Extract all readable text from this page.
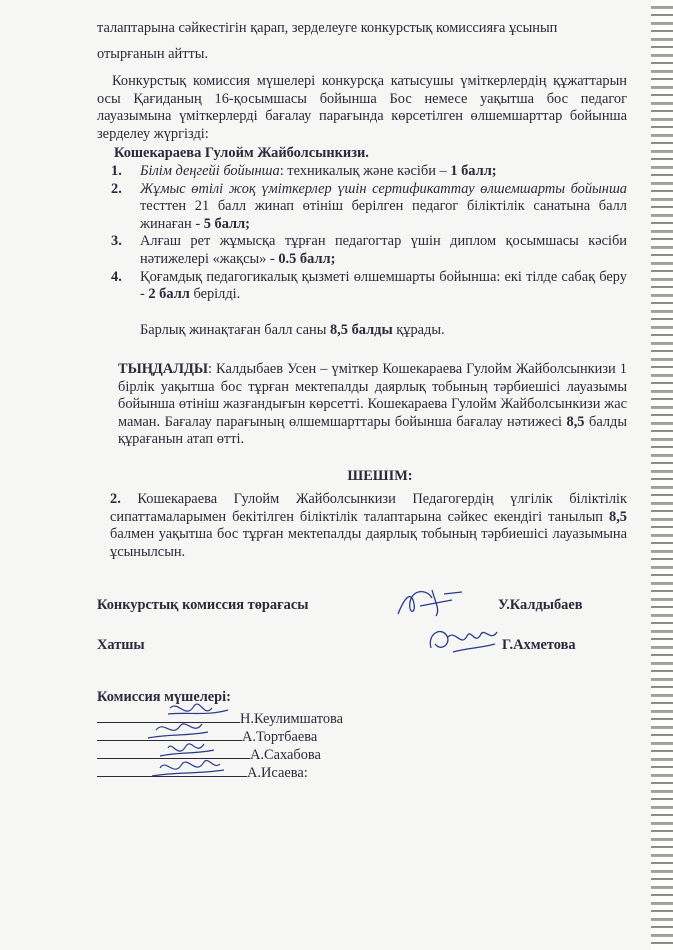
талаптарына сәйкестігін қарап, зерделеуге конкурстық комиссияға ұсынып
отырғанын айтты.
Конкурстық комиссия мүшелері конкурсқа катысушы үміткерлердің құжаттарын осы Қағиданың 16-қосымшасы бойынша Бос немесе уақытша бос педагог лауазымына үміткерлерді бағалау парағында көрсетілген өлшемшарттар бойынша зерделеу жүргізді:
Кошекараева Гулойм Жайболсынкизи.
1. Білім деңгейі бойынша: техникалық және кәсіби – 1 балл;
2. Жұмыс өтілі жоқ үміткерлер үшін сертификаттау өлшемшарты бойынша тесттен 21 балл жинап өтініш берілген педагог біліктілік санатына балл жинаған - 5 балл;
3. Алғаш рет жұмысқа тұрған педагогтар үшін диплом қосымшасы кәсіби нәтижелері «жақсы» - 0.5 балл;
4. Қоғамдық педагогикалық қызметі өлшемшарты бойынша: екі тілде сабақ беру - 2 балл берілді.
Барлық жинақтаған балл саны 8,5 балды құрады.
ТЫҢДАЛДЫ: Калдыбаев Усен – үміткер Кошекараева Гулойм Жайболсынкизи 1 бірлік уақытша бос тұрған мектепалды даярлық тобының тәрбиешісі лауазымы бойынша өтініш жазғандығын көрсетті. Кошекараева Гулойм Жайболсынкизи жас маман. Бағалау парағының өлшемшарттары бойынша бағалау нәтижесі 8,5 балды құрағанын атап өтті.
ШЕШІМ:
2. Кошекараева Гулойм Жайболсынкизи Педагогердің үлгілік біліктілік сипаттамаларымен бекітілген біліктілік талаптарына сәйкес екендігі танылып 8,5 балмен уақытша бос тұрған мектепалды даярлық тобының тәрбиешісі лауазымына ұсынылсын.
Конкурстық комиссия төрағасы	У.Калдыбаев
Хатшы	Г.Ахметова
Комиссия мүшелері:
Н.Кеулимшатова
А.Тортбаева
А.Сахабова
А.Исаева:
